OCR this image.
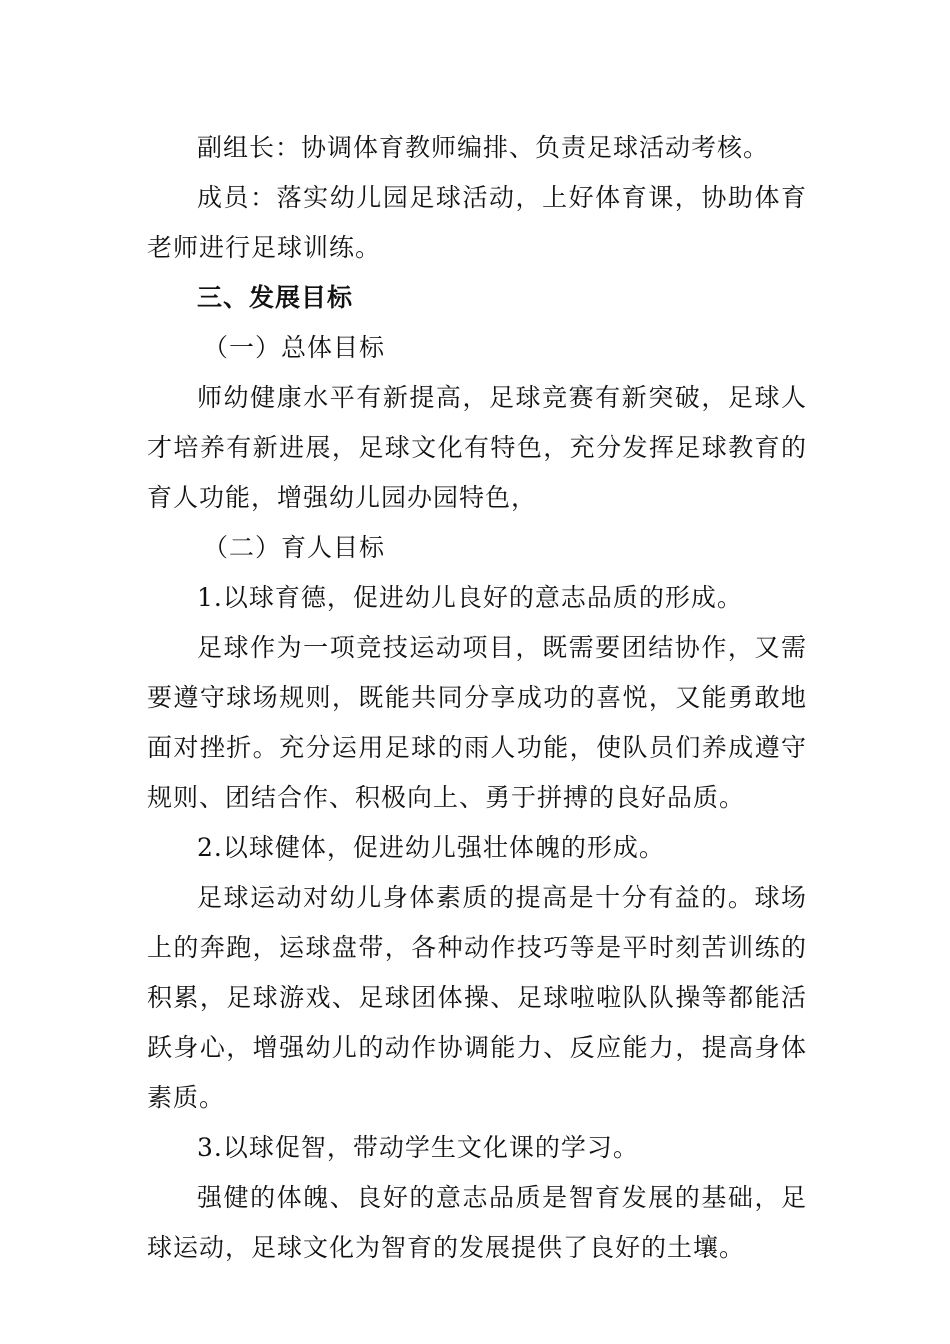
副组长：协调体育教师编排、负责足球活动考核。

成员：落实幼儿园足球活动，上好体育课，协助体育老师进行足球训练。

三、发展目标

（一）总体目标

师幼健康水平有新提高，足球竞赛有新突破，足球人才培养有新进展，足球文化有特色，充分发挥足球教育的育人功能，增强幼儿园办园特色，

（二）育人目标

1.以球育德，促进幼儿良好的意志品质的形成。

足球作为一项竞技运动项目，既需要团结协作，又需要遵守球场规则，既能共同分享成功的喜悦，又能勇敢地面对挫折。充分运用足球的雨人功能，使队员们养成遵守规则、团结合作、积极向上、勇于拼搏的良好品质。

2.以球健体，促进幼儿强壮体魄的形成。

足球运动对幼儿身体素质的提高是十分有益的。球场上的奔跑，运球盘带，各种动作技巧等是平时刻苦训练的积累，足球游戏、足球团体操、足球啦啦队队操等都能活跃身心，增强幼儿的动作协调能力、反应能力，提高身体素质。

3.以球促智，带动学生文化课的学习。

强健的体魄、良好的意志品质是智育发展的基础，足球运动，足球文化为智育的发展提供了良好的土壤。
